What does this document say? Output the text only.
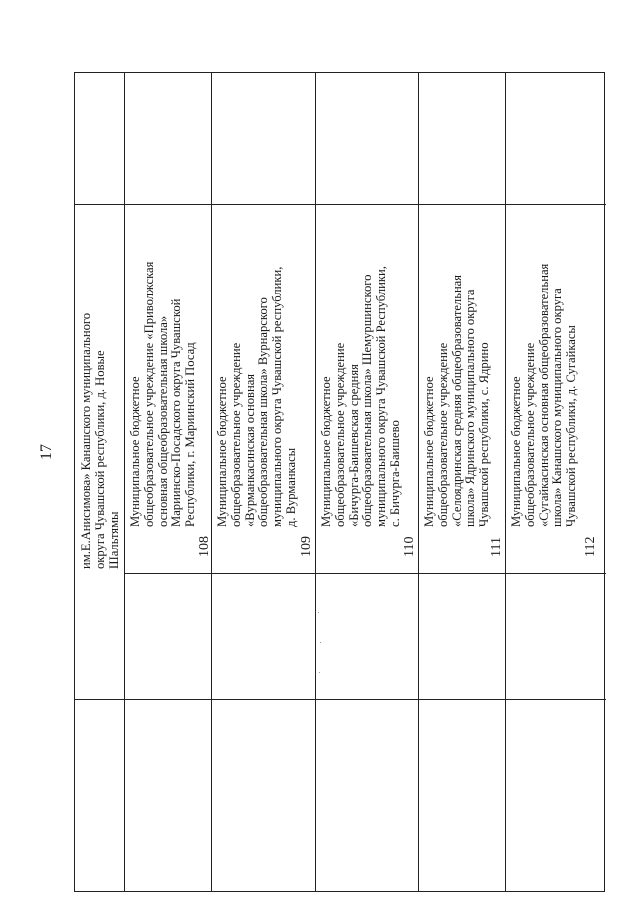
17 им.Е.Анисимова» Канашского муниципального округа Чувашской республики, д. Новые Шальтямы	108
Муниципальное бюджетное общеобразовательное учреждение «Приволжская основная общеобразовательная школа» Мариинско-Посадского округа Чувашской Республики, г. Мариинский Посад
109
Муниципальное бюджетное общеобразовательное учреждение «Вурманкасинская основная общеобразовательная школа» Вурнарского муниципального округа Чувашской республики, д. Вурманкасы
110
Муниципальное бюджетное общеобразовательное учреждение «Бичурга-Баишевская средняя общеобразовательная школа» Шемуршинского муниципального округа Чувашской Республики, с. Бичурга-Баишево
111
Муниципальное бюджетное общеобразовательное учреждение «Селоядринская средняя общеобразовательная школа» Ядринского муниципального округа Чувашской республики, с. Ядрино
112
Муниципальное бюджетное общеобразовательное учреждение «Сугайкасинская основная общеобразовательная школа» Канашского муниципального округа Чувашской республики, д. Сугайкасы
